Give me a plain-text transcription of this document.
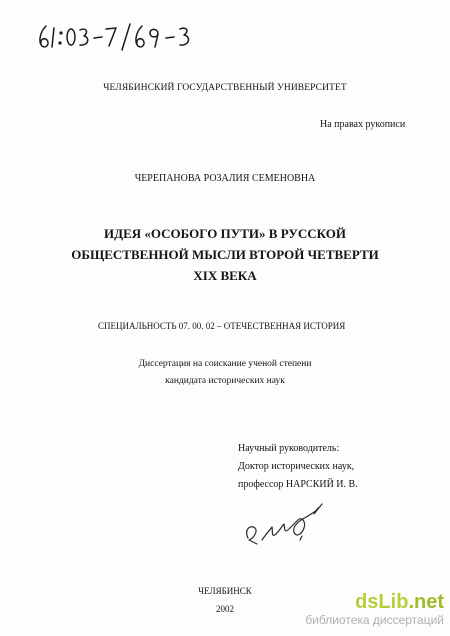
ЧЕЛЯБИНСКИЙ ГОСУДАРСТВЕННЫЙ УНИВЕРСИТЕТ
На правах рукописи
ЧЕРЕПАНОВА РОЗАЛИЯ СЕМЕНОВНА
ИДЕЯ «ОСОБОГО ПУТИ» В РУССКОЙ
ОБЩЕСТВЕННОЙ МЫСЛИ ВТОРОЙ ЧЕТВЕРТИ
XIX ВЕКА
СПЕЦИАЛЬНОСТЬ 07. 00. 02 – ОТЕЧЕСТВЕННАЯ ИСТОРИЯ
Диссертация на соискание ученой степени
кандидата исторических наук
Научный руководитель:
Доктор исторических наук,
профессор НАРСКИЙ И. В.
ЧЕЛЯБИНСК
2002	dsLib.net
библиотека диссертаций
